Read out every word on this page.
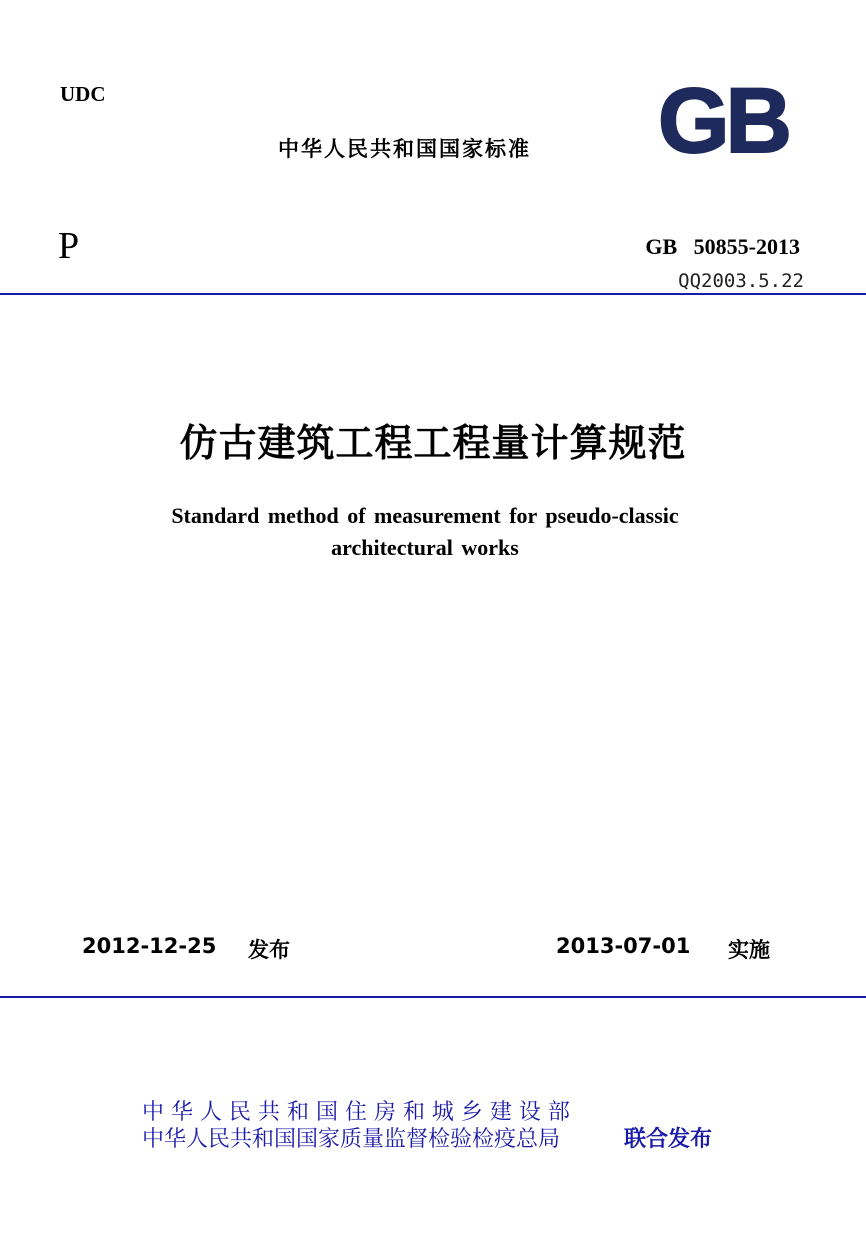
UDC
中华人民共和国国家标准 GB
P	GB   50855-2013
QQ2003.5.22
仿古建筑工程工程量计算规范
Standard method of measurement for pseudo-classic
architectural works
2012-12-25 发布	2013-07-01 实施
中 华 人 民 共 和 国 住 房 和 城 乡 建 设 部
中华人民共和国国家质量监督检验检疫总局	联合发布
